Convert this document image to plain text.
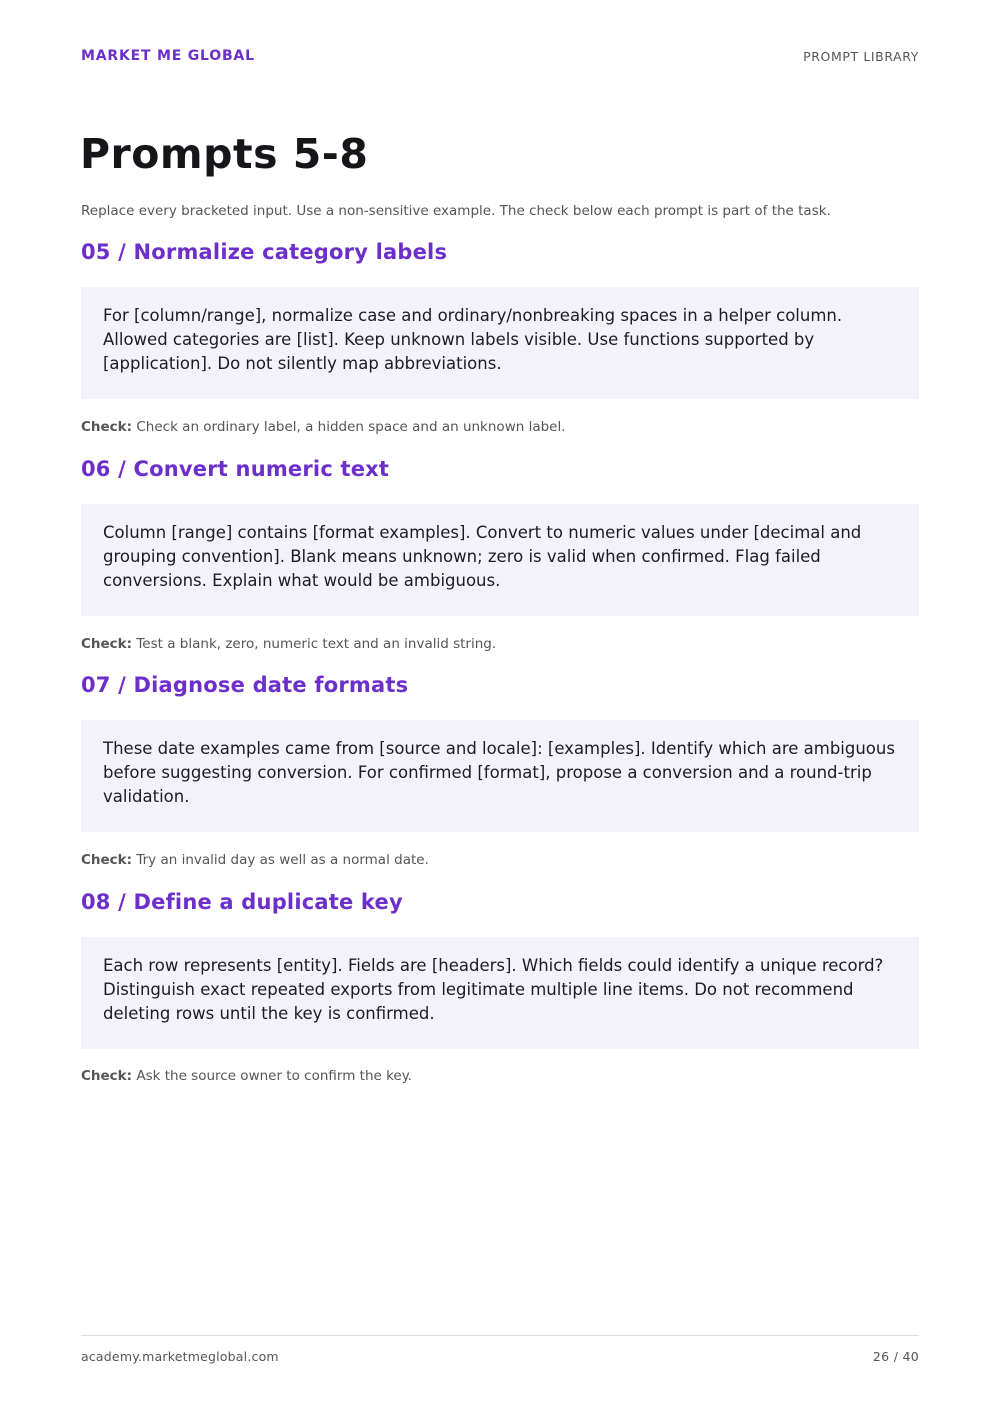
MARKET ME GLOBAL	PROMPT LIBRARY
Prompts 5-8

Replace every bracketed input. Use a non-sensitive example. The check below each prompt is part of the task.

05 / Normalize category labels

For [column/range], normalize case and ordinary/nonbreaking spaces in a helper column. Allowed categories are [list]. Keep unknown labels visible. Use functions supported by [application]. Do not silently map abbreviations.

Check: Check an ordinary label, a hidden space and an unknown label.

06 / Convert numeric text

Column [range] contains [format examples]. Convert to numeric values under [decimal and grouping convention]. Blank means unknown; zero is valid when confirmed. Flag failed conversions. Explain what would be ambiguous.

Check: Test a blank, zero, numeric text and an invalid string.

07 / Diagnose date formats

These date examples came from [source and locale]: [examples]. Identify which are ambiguous before suggesting conversion. For confirmed [format], propose a conversion and a round-trip validation.

Check: Try an invalid day as well as a normal date.

08 / Define a duplicate key

Each row represents [entity]. Fields are [headers]. Which fields could identify a unique record? Distinguish exact repeated exports from legitimate multiple line items. Do not recommend deleting rows until the key is confirmed.

Check: Ask the source owner to confirm the key.

academy.marketmeglobal.com	26 / 40
